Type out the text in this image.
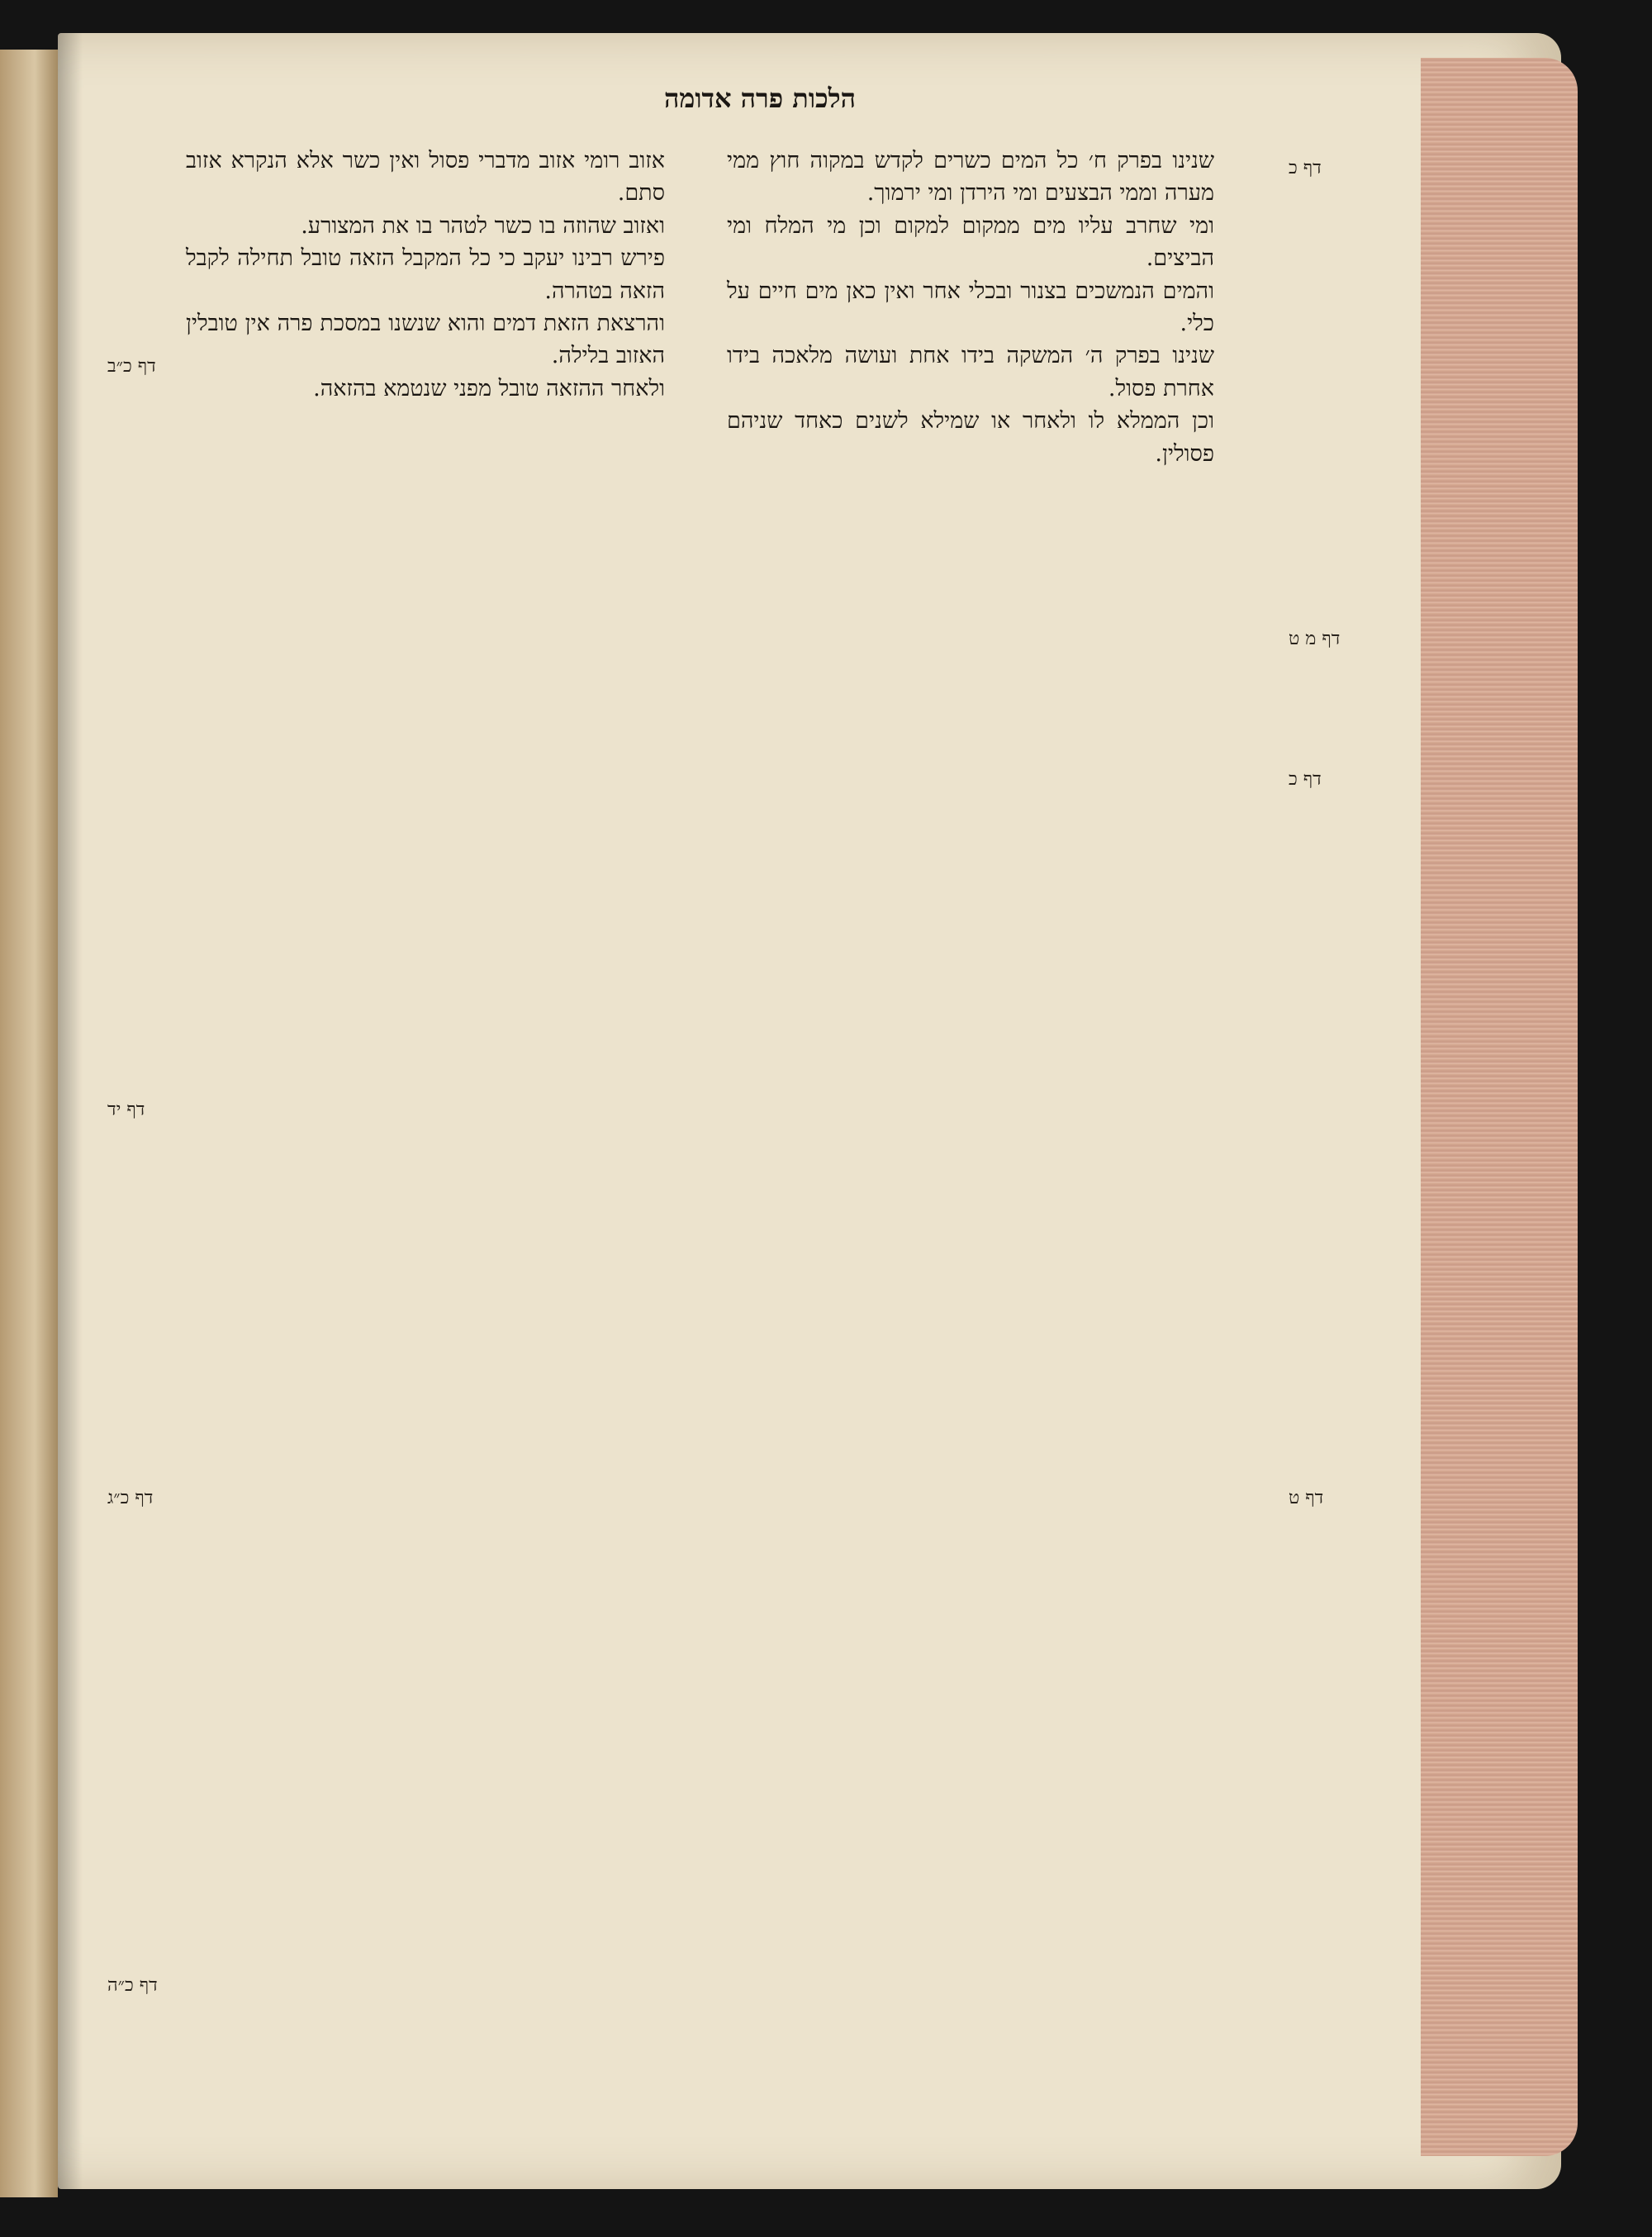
הלכות פרה אדומה

שנינו בפרק ח׳ כל המים כשרים לקדש במקוה חוץ ממי מערה וממי הבצעים ומי הירדן ומי ירמוך.

ומי שחרב עליו מים ממקום למקום וכן מי המלח ומי הביצים.

והמים הנמשכים בצנור ובכלי אחר ואין כאן מים חיים על כלי.

שנינו בפרק ה׳ המשקה בידו אחת ועושה מלאכה בידו אחרת פסול.

וכן הממלא לו ולאחר או שמילא לשנים כאחד שניהם פסולין.

אזוב רומי אזוב מדברי פסול ואין כשר אלא הנקרא אזוב סתם.

ואזוב שהוזה בו כשר לטהר בו את המצורע.

פירש רבינו יעקב כי כל המקבל הזאה טובל תחילה לקבל הזאה בטהרה.

והרצאת הזאת דמים והוא שנשנו במסכת פרה אין טובלין האזוב בלילה.

ולאחר ההזאה טובל מפני שנטמא בהזאה.

דף כ
דף מ ט
דף כ
דף ט
דף כ״ב
דף יד
דף כ״ג
דף כ״ה
